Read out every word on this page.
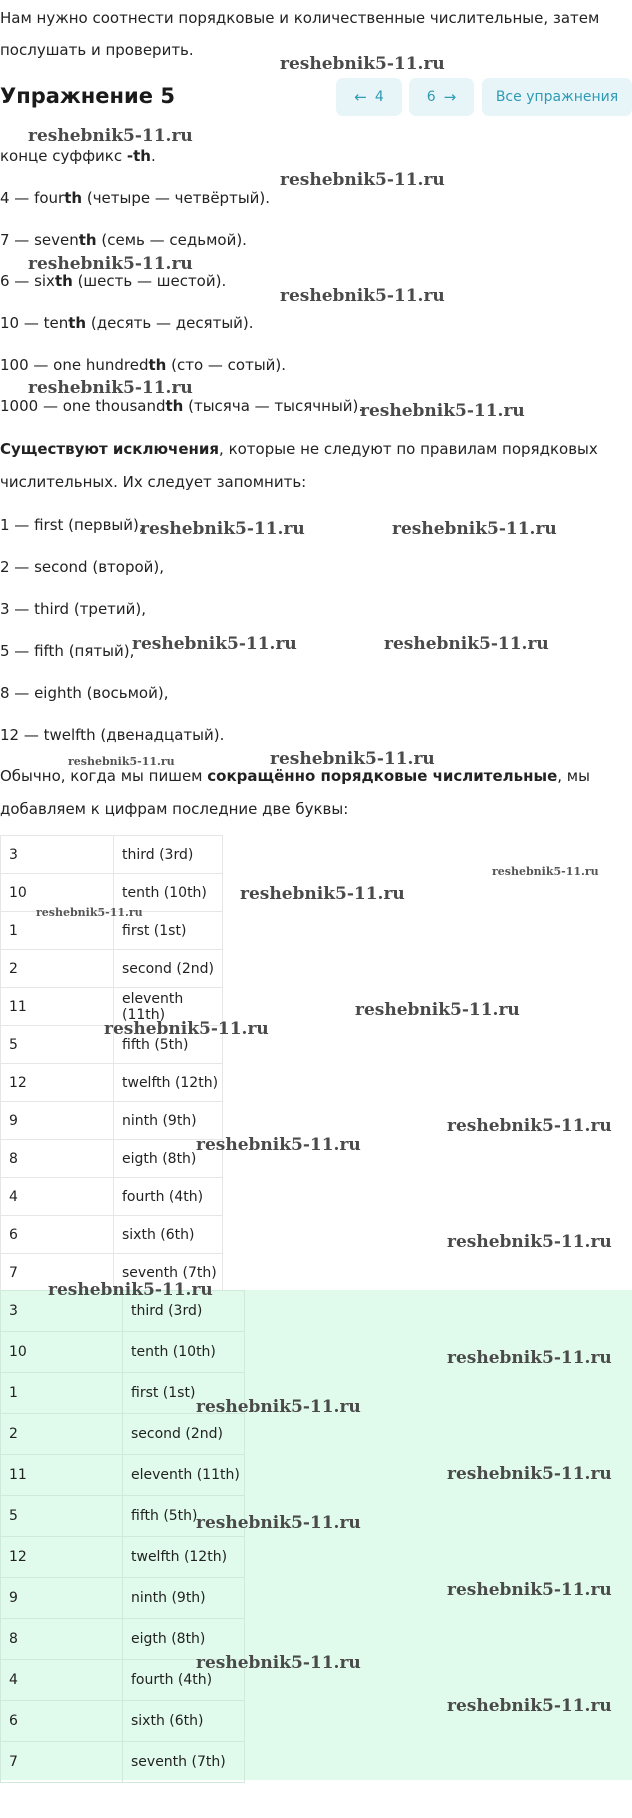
Нам нужно соотнести порядковые и количественные числительные, затем
послушать и проверить.
Упражнение 5	← 4	6 →	Все упражнения
конце суффикс -th.
4 — fourth (четыре — четвёртый).
7 — seventh (семь — седьмой).
6 — sixth (шесть — шестой).
10 — tenth (десять — десятый).
100 — one hundredth (сто — сотый).
1000 — one thousandth (тысяча — тысячный).
Существуют исключения, которые не следуют по правилам порядковых
числительных. Их следует запомнить:
1 — first (первый),
2 — second (второй),
3 — third (третий),
5 — fifth (пятый),
8 — eighth (восьмой),
12 — twelfth (двенадцатый).
Обычно, когда мы пишем сокращённо порядковые числительные, мы
добавляем к цифрам последние две буквы:
3	third (3rd)
10	tenth (10th)
1	first (1st)
2	second (2nd)
11	eleventh (11th)
5	fifth (5th)
12	twelfth (12th)
9	ninth (9th)
8	eigth (8th)
4	fourth (4th)
6	sixth (6th)
7	seventh (7th)
3	third (3rd)
10	tenth (10th)
1	first (1st)
2	second (2nd)
11	eleventh (11th)
5	fifth (5th)
12	twelfth (12th)
9	ninth (9th)
8	eigth (8th)
4	fourth (4th)
6	sixth (6th)
7	seventh (7th)
reshebnik5-11.ru
reshebnik5-11.ru
reshebnik5-11.ru
reshebnik5-11.ru
reshebnik5-11.ru
reshebnik5-11.ru
reshebnik5-11.ru
reshebnik5-11.ru	reshebnik5-11.ru
reshebnik5-11.ru	reshebnik5-11.ru
reshebnik5-11.ru	reshebnik5-11.ru
reshebnik5-11.ru
reshebnik5-11.ru
reshebnik5-11.ru
reshebnik5-11.ru
reshebnik5-11.ru
reshebnik5-11.ru
reshebnik5-11.ru
reshebnik5-11.ru
reshebnik5-11.ru
reshebnik5-11.ru
reshebnik5-11.ru
reshebnik5-11.ru
reshebnik5-11.ru
reshebnik5-11.ru
reshebnik5-11.ru
reshebnik5-11.ru
